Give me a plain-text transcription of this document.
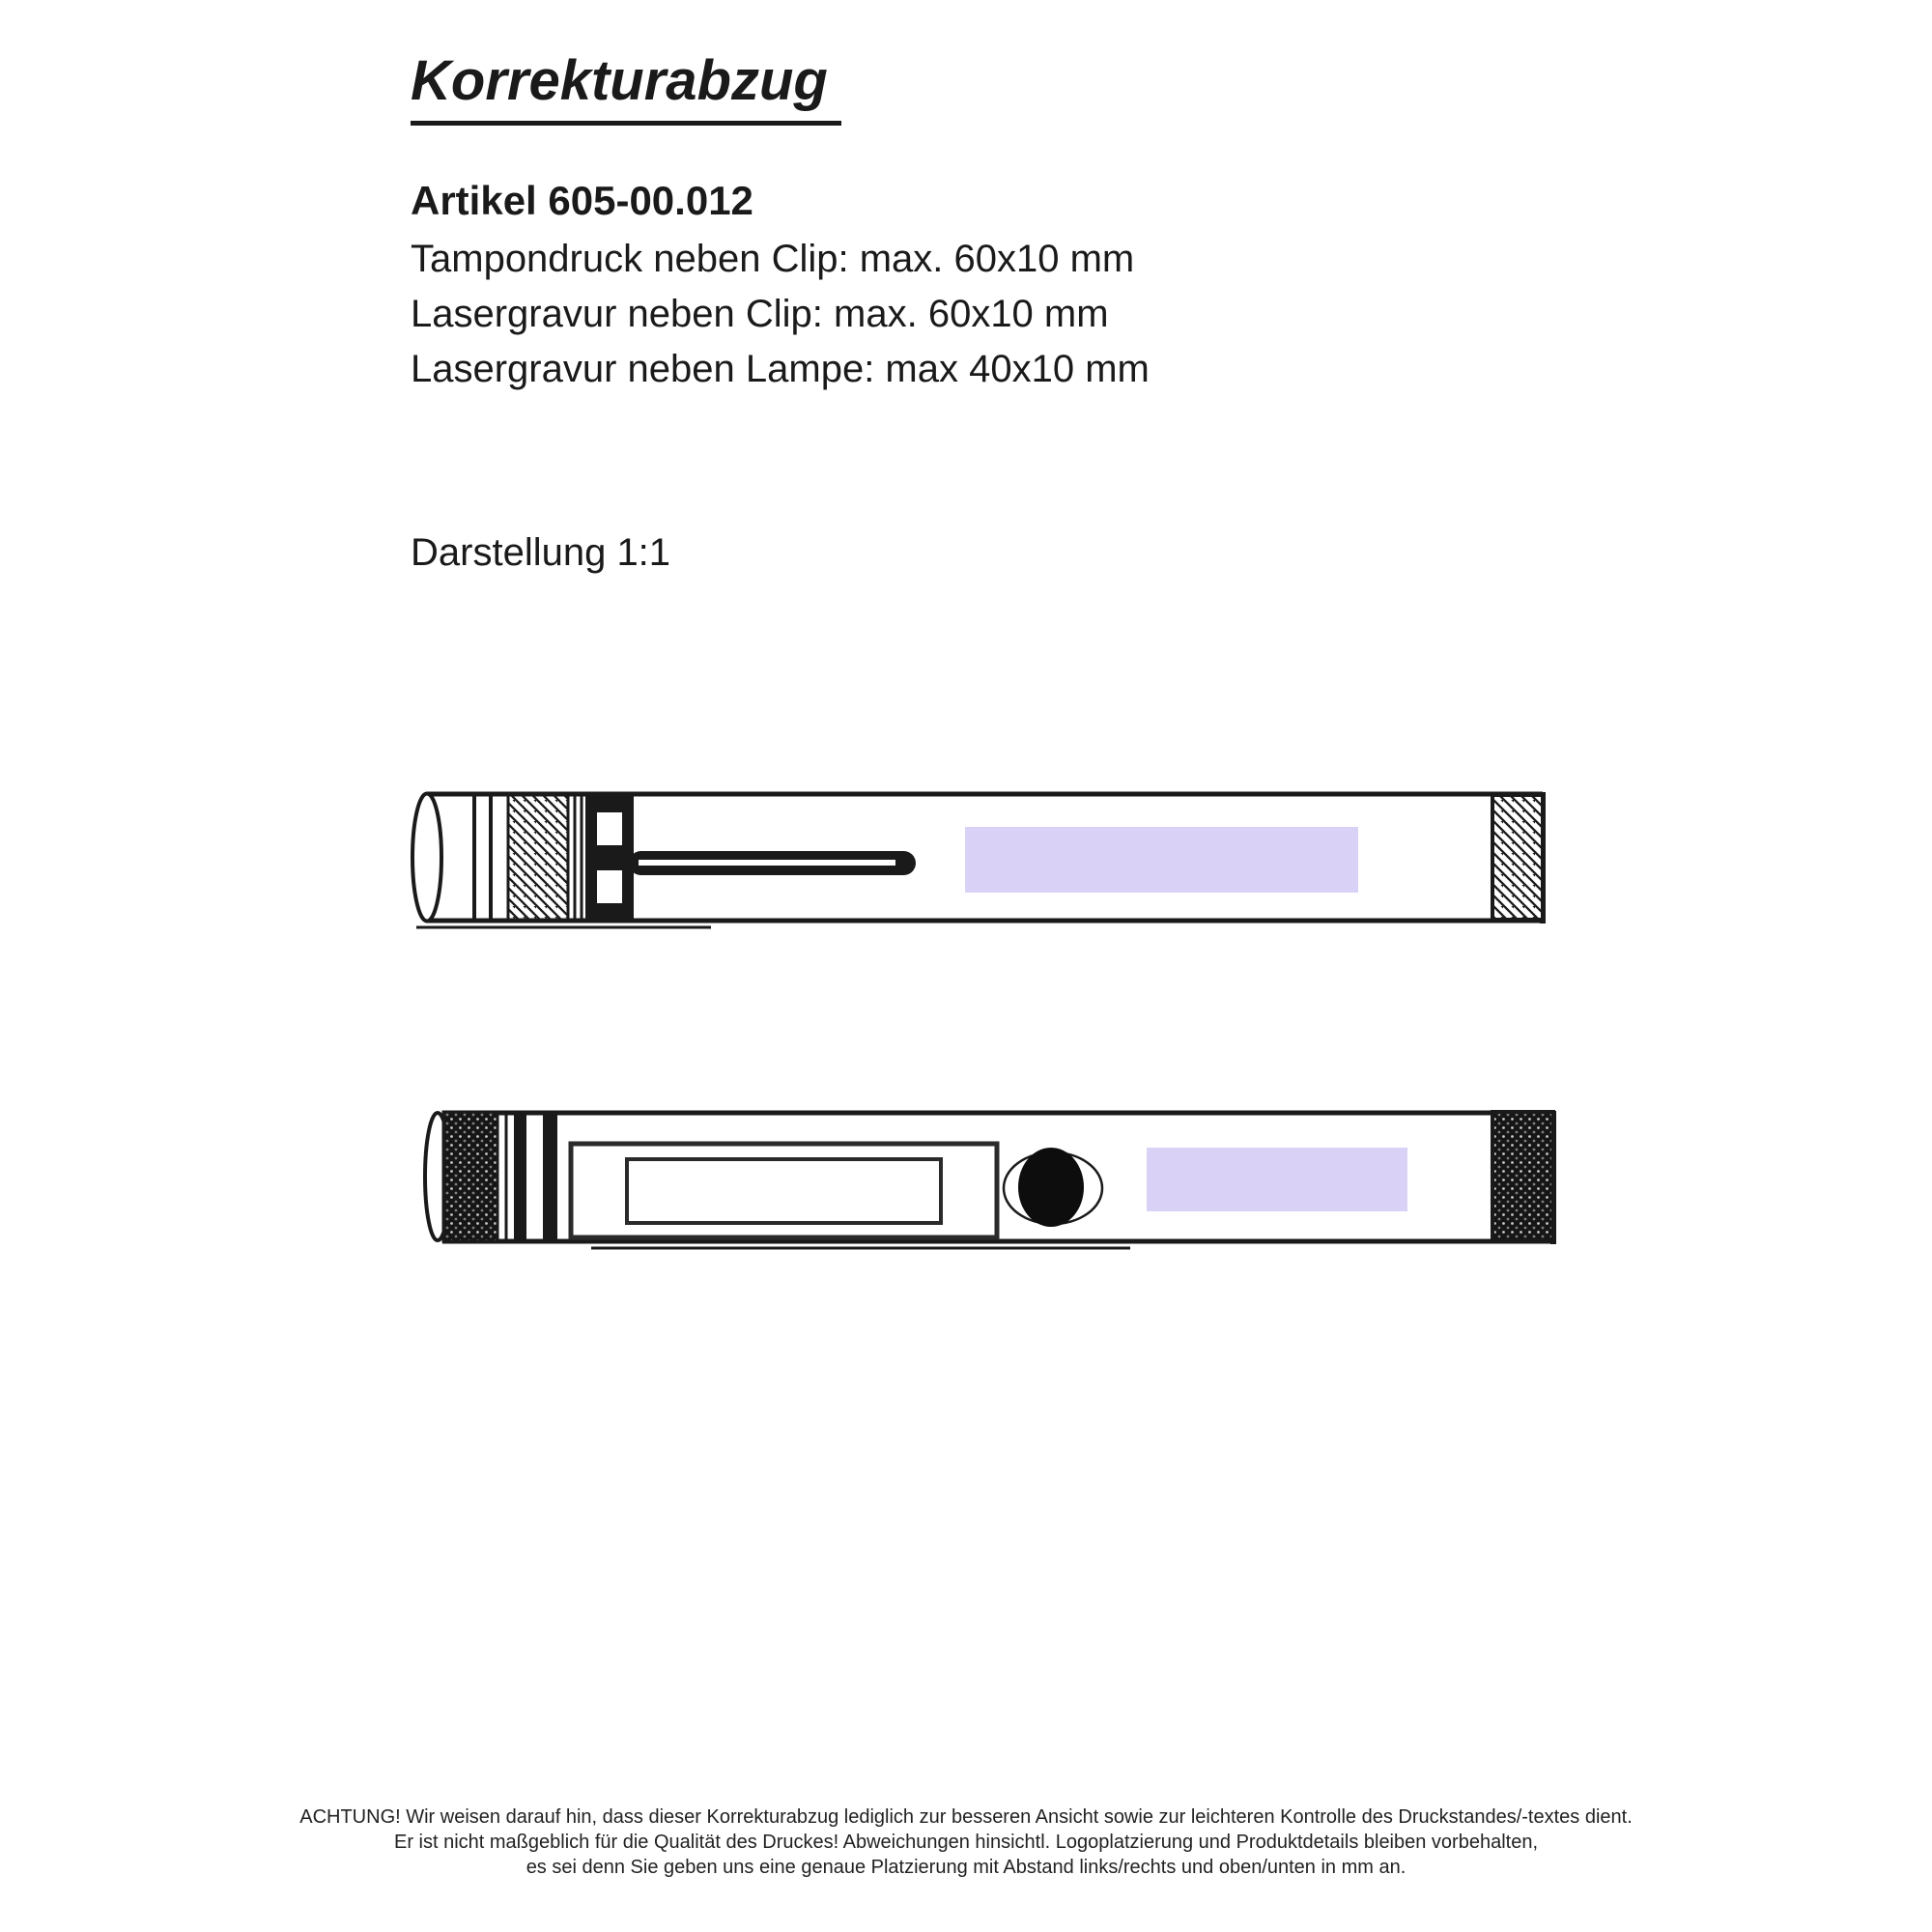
Korrekturabzug
Artikel 605-00.012
Tampondruck neben Clip: max. 60x10 mm
Lasergravur neben Clip: max. 60x10 mm
Lasergravur neben Lampe: max 40x10 mm
Darstellung 1:1
ACHTUNG! Wir weisen darauf hin, dass dieser Korrekturabzug lediglich zur besseren Ansicht sowie zur leichteren Kontrolle des Druckstandes/-textes dient.
Er ist nicht maßgeblich für die Qualität des Druckes! Abweichungen hinsichtl. Logoplatzierung und Produktdetails bleiben vorbehalten,
es sei denn Sie geben uns eine genaue Platzierung mit Abstand links/rechts und oben/unten in mm an.
